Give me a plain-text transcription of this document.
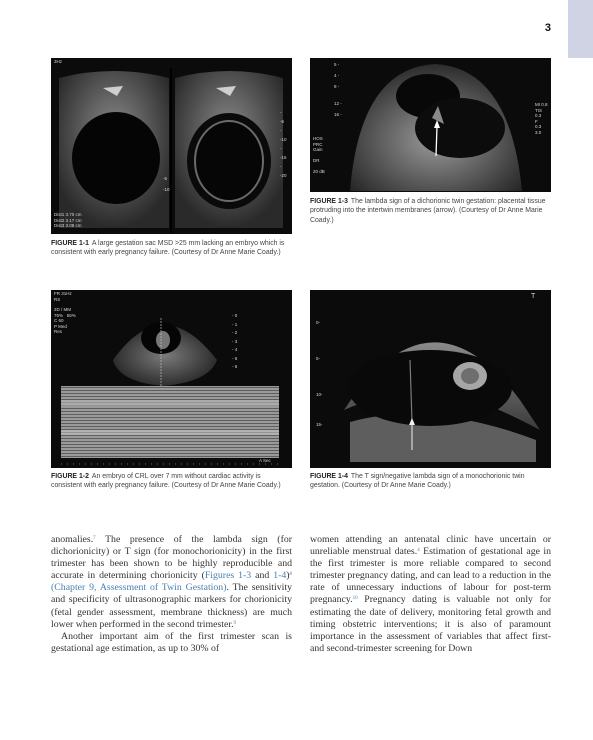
3
3Hz
Dist1 3.70 cm
Dist2 3.17 cm
Dist3 3.08 cm
-5

-10
-
-5
-
-10
-
-15
-
-20
FIGURE 1-1 A large gestation sac MSD >25 mm lacking an embryo which is consistent with early pregnancy failure. (Courtesy of Dr Anne Marie Coady.)
HOS
PRC
Gain

DR

20 dB
MI 0.8
TIS
0.3
F
0.3
3.0
5 -

4 -

8 -

12 -

16 -
FIGURE 1-3 The lambda sign of a dichorionic twin gestation: placental tissue protruding into the intertwin membranes (arrow). (Courtesy of Dr Anne Marie Coady.)
FR 31Hz
RS
2D / MM
76%   56%
C 60
P Med
Res
- 0
- 1
- 2
- 3
- 4
- 5
- 6
A Sec
FIGURE 1-2 An embryo of CRL over 7 mm without cardiac activity is consistent with early pregnancy failure. (Courtesy of Dr Anne Marie Coady.)
T
0-

5-

10-

15-
FIGURE 1-4 The T sign/negative lambda sign of a monochorionic twin gestation. (Courtesy of Dr Anne Marie Coady.)

anomalies.$^7$ The presence of the lambda sign (for dichorionicity) or T sign (for monochorionicity) in the first trimester has been shown to be highly reproducible and accurate in determining chorionicity (Figures 1-3 and 1-4)$^8$ (Chapter 9, Assessment of Twin Gestation). The sensitivity and specificity of ultrasonographic markers for chorionicity (fetal gender assessment, membrane thickness) are much lower when performed in the second trimester.$^9$

Another important aim of the first trimester scan is gestational age estimation, as up to 30% of

women attending an antenatal clinic have uncertain or unreliable menstrual dates.$^4$ Estimation of gestational age in the first trimester is more reliable compared to second trimester pregnancy dating, and can lead to a reduction in the rate of unnecessary inductions of labour for post-term pregnancy.$^{10}$ Pregnancy dating is valuable not only for estimating the date of delivery, monitoring fetal growth and timing obstetric interventions; it is also of paramount importance in the assessment of variables that affect first- and second-trimester screening for Down
